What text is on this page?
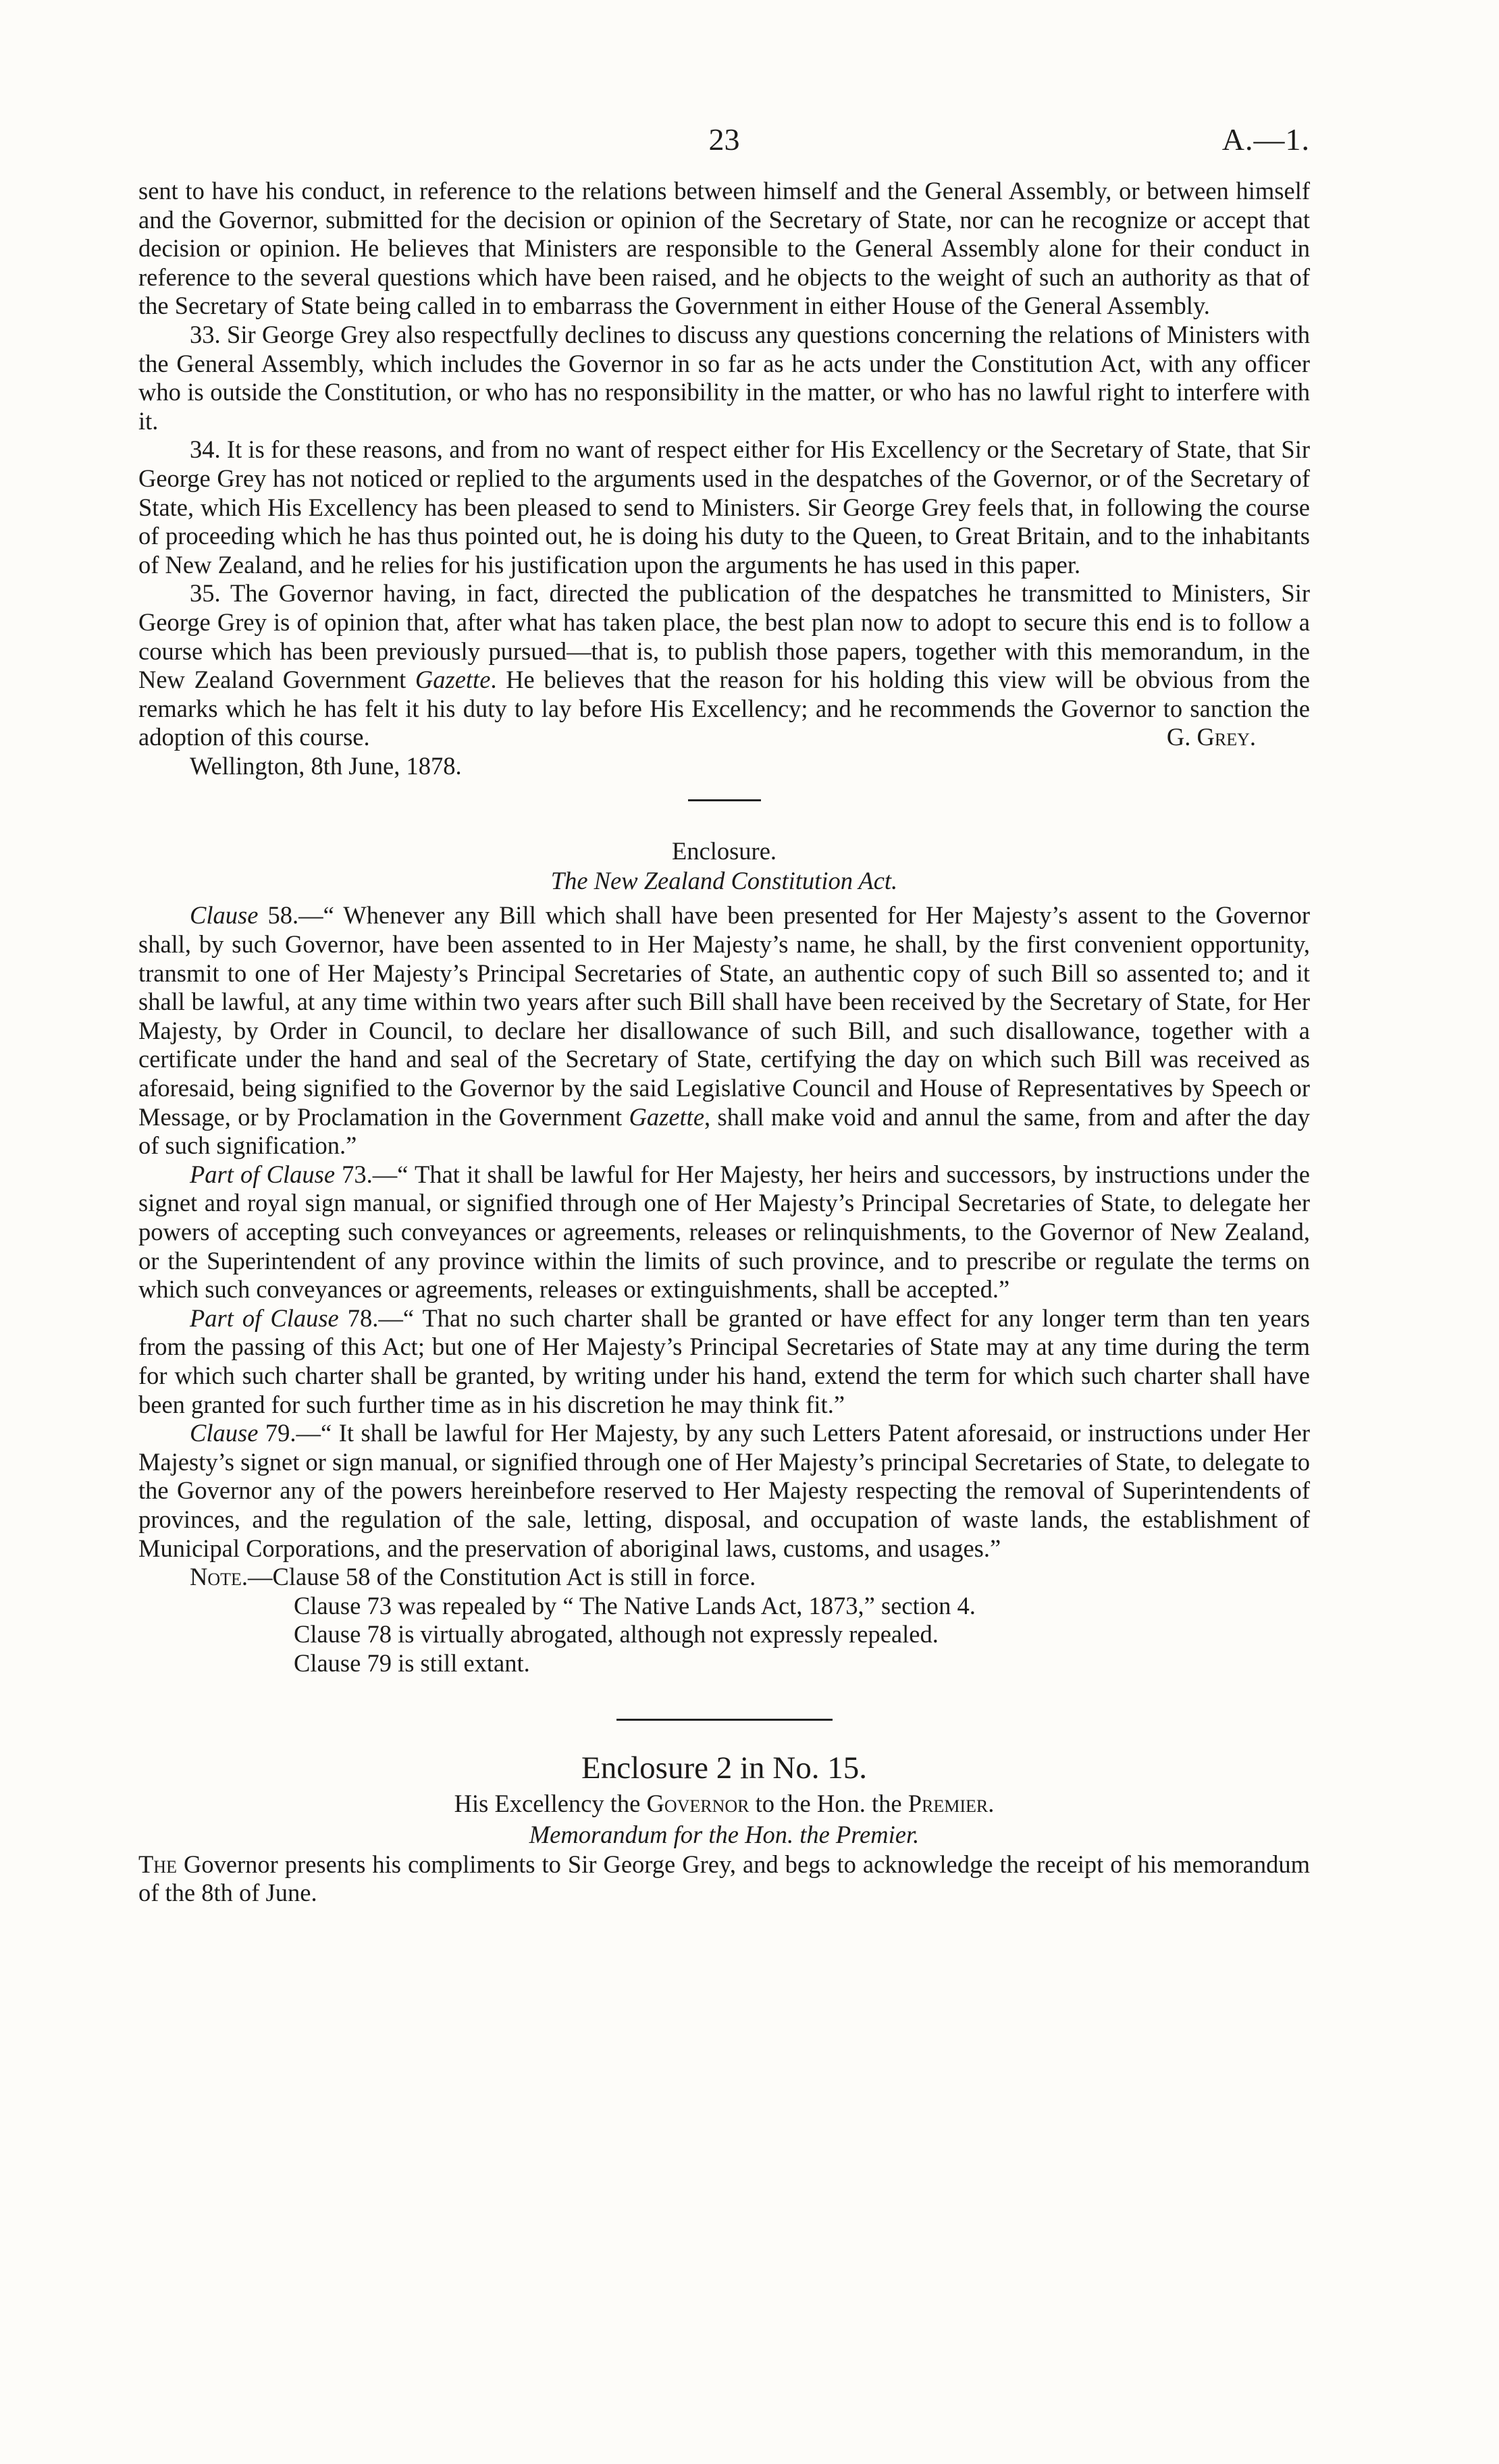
23	A.—1.

sent to have his conduct, in reference to the relations between himself and the General Assembly, or between himself and the Governor, submitted for the decision or opinion of the Secretary of State, nor can he recognize or accept that decision or opinion. He believes that Ministers are responsible to the General Assembly alone for their conduct in reference to the several questions which have been raised, and he objects to the weight of such an authority as that of the Secretary of State being called in to embarrass the Government in either House of the General Assembly.

33. Sir George Grey also respectfully declines to discuss any questions concerning the relations of Ministers with the General Assembly, which includes the Governor in so far as he acts under the Constitution Act, with any officer who is outside the Constitution, or who has no responsibility in the matter, or who has no lawful right to interfere with it.

34. It is for these reasons, and from no want of respect either for His Excellency or the Secretary of State, that Sir George Grey has not noticed or replied to the arguments used in the despatches of the Governor, or of the Secretary of State, which His Excellency has been pleased to send to Ministers. Sir George Grey feels that, in following the course of proceeding which he has thus pointed out, he is doing his duty to the Queen, to Great Britain, and to the inhabitants of New Zealand, and he relies for his justification upon the arguments he has used in this paper.

35. The Governor having, in fact, directed the publication of the despatches he transmitted to Ministers, Sir George Grey is of opinion that, after what has taken place, the best plan now to adopt to secure this end is to follow a course which has been previously pursued—that is, to publish those papers, together with this memorandum, in the New Zealand Government Gazette. He believes that the reason for his holding this view will be obvious from the remarks which he has felt it his duty to lay before His Excellency; and he recommends the Governor to sanction the adoption of this course.	G. Grey.

Wellington, 8th June, 1878.

Enclosure.
The New Zealand Constitution Act.

Clause 58.—“ Whenever any Bill which shall have been presented for Her Majesty’s assent to the Governor shall, by such Governor, have been assented to in Her Majesty’s name, he shall, by the first convenient opportunity, transmit to one of Her Majesty’s Principal Secretaries of State, an authentic copy of such Bill so assented to; and it shall be lawful, at any time within two years after such Bill shall have been received by the Secretary of State, for Her Majesty, by Order in Council, to declare her disallowance of such Bill, and such disallowance, together with a certificate under the hand and seal of the Secretary of State, certifying the day on which such Bill was received as aforesaid, being signified to the Governor by the said Legislative Council and House of Representatives by Speech or Message, or by Proclamation in the Government Gazette, shall make void and annul the same, from and after the day of such signification.”

Part of Clause 73.—“ That it shall be lawful for Her Majesty, her heirs and successors, by instructions under the signet and royal sign manual, or signified through one of Her Majesty’s Principal Secretaries of State, to delegate her powers of accepting such conveyances or agreements, releases or relinquishments, to the Governor of New Zealand, or the Superintendent of any province within the limits of such province, and to prescribe or regulate the terms on which such conveyances or agreements, releases or extinguishments, shall be accepted.”

Part of Clause 78.—“ That no such charter shall be granted or have effect for any longer term than ten years from the passing of this Act; but one of Her Majesty’s Principal Secretaries of State may at any time during the term for which such charter shall be granted, by writing under his hand, extend the term for which such charter shall have been granted for such further time as in his discretion he may think fit.”

Clause 79.—“ It shall be lawful for Her Majesty, by any such Letters Patent aforesaid, or instructions under Her Majesty’s signet or sign manual, or signified through one of Her Majesty’s principal Secretaries of State, to delegate to the Governor any of the powers hereinbefore reserved to Her Majesty respecting the removal of Superintendents of provinces, and the regulation of the sale, letting, disposal, and occupation of waste lands, the establishment of Municipal Corporations, and the preservation of aboriginal laws, customs, and usages.”

Note.—Clause 58 of the Constitution Act is still in force.

Clause 73 was repealed by “ The Native Lands Act, 1873,” section 4.

Clause 78 is virtually abrogated, although not expressly repealed.

Clause 79 is still extant.

Enclosure 2 in No. 15.
His Excellency the Governor to the Hon. the Premier.
Memorandum for the Hon. the Premier.

The Governor presents his compliments to Sir George Grey, and begs to acknowledge the receipt of his memorandum of the 8th of June.
